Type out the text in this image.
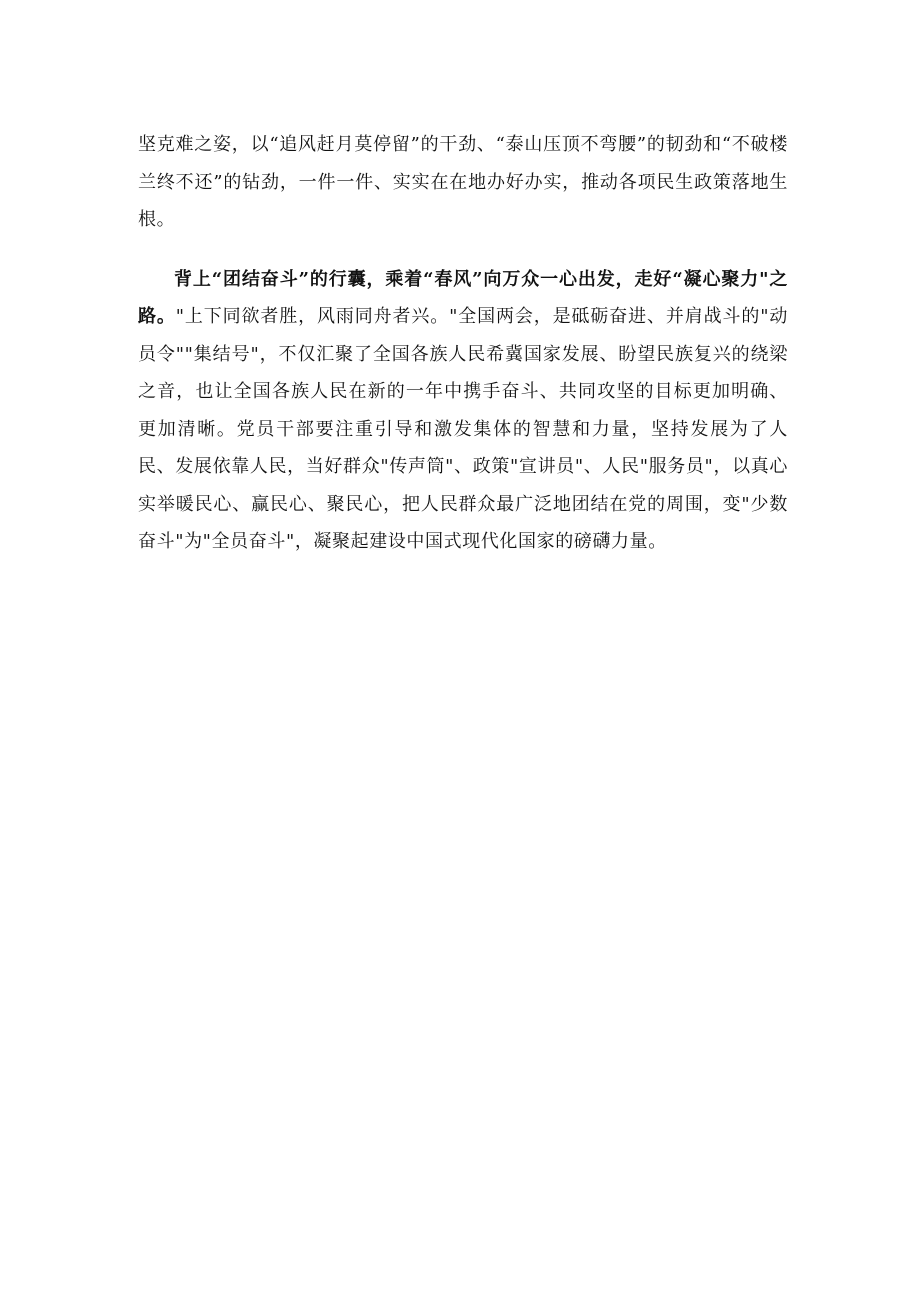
坚克难之姿，以“追风赶月莫停留”的干劲、“泰山压顶不弯腰”的韧劲和“不破楼兰终不还”的钻劲，一件一件、实实在在地办好办实，推动各项民生政策落地生根。

背上“团结奋斗”的行囊，乘着“春风”向万众一心出发，走好“凝心聚力"之路。"上下同欲者胜，风雨同舟者兴。"全国两会，是砥砺奋进、并肩战斗的"动员令""集结号"，不仅汇聚了全国各族人民希冀国家发展、盼望民族复兴的绕梁之音，也让全国各族人民在新的一年中携手奋斗、共同攻坚的目标更加明确、更加清晰。党员干部要注重引导和激发集体的智慧和力量，坚持发展为了人民、发展依靠人民，当好群众"传声筒"、政策"宣讲员"、人民"服务员"，以真心实举暖民心、赢民心、聚民心，把人民群众最广泛地团结在党的周围，变"少数奋斗"为"全员奋斗"，凝聚起建设中国式现代化国家的磅礴力量。
